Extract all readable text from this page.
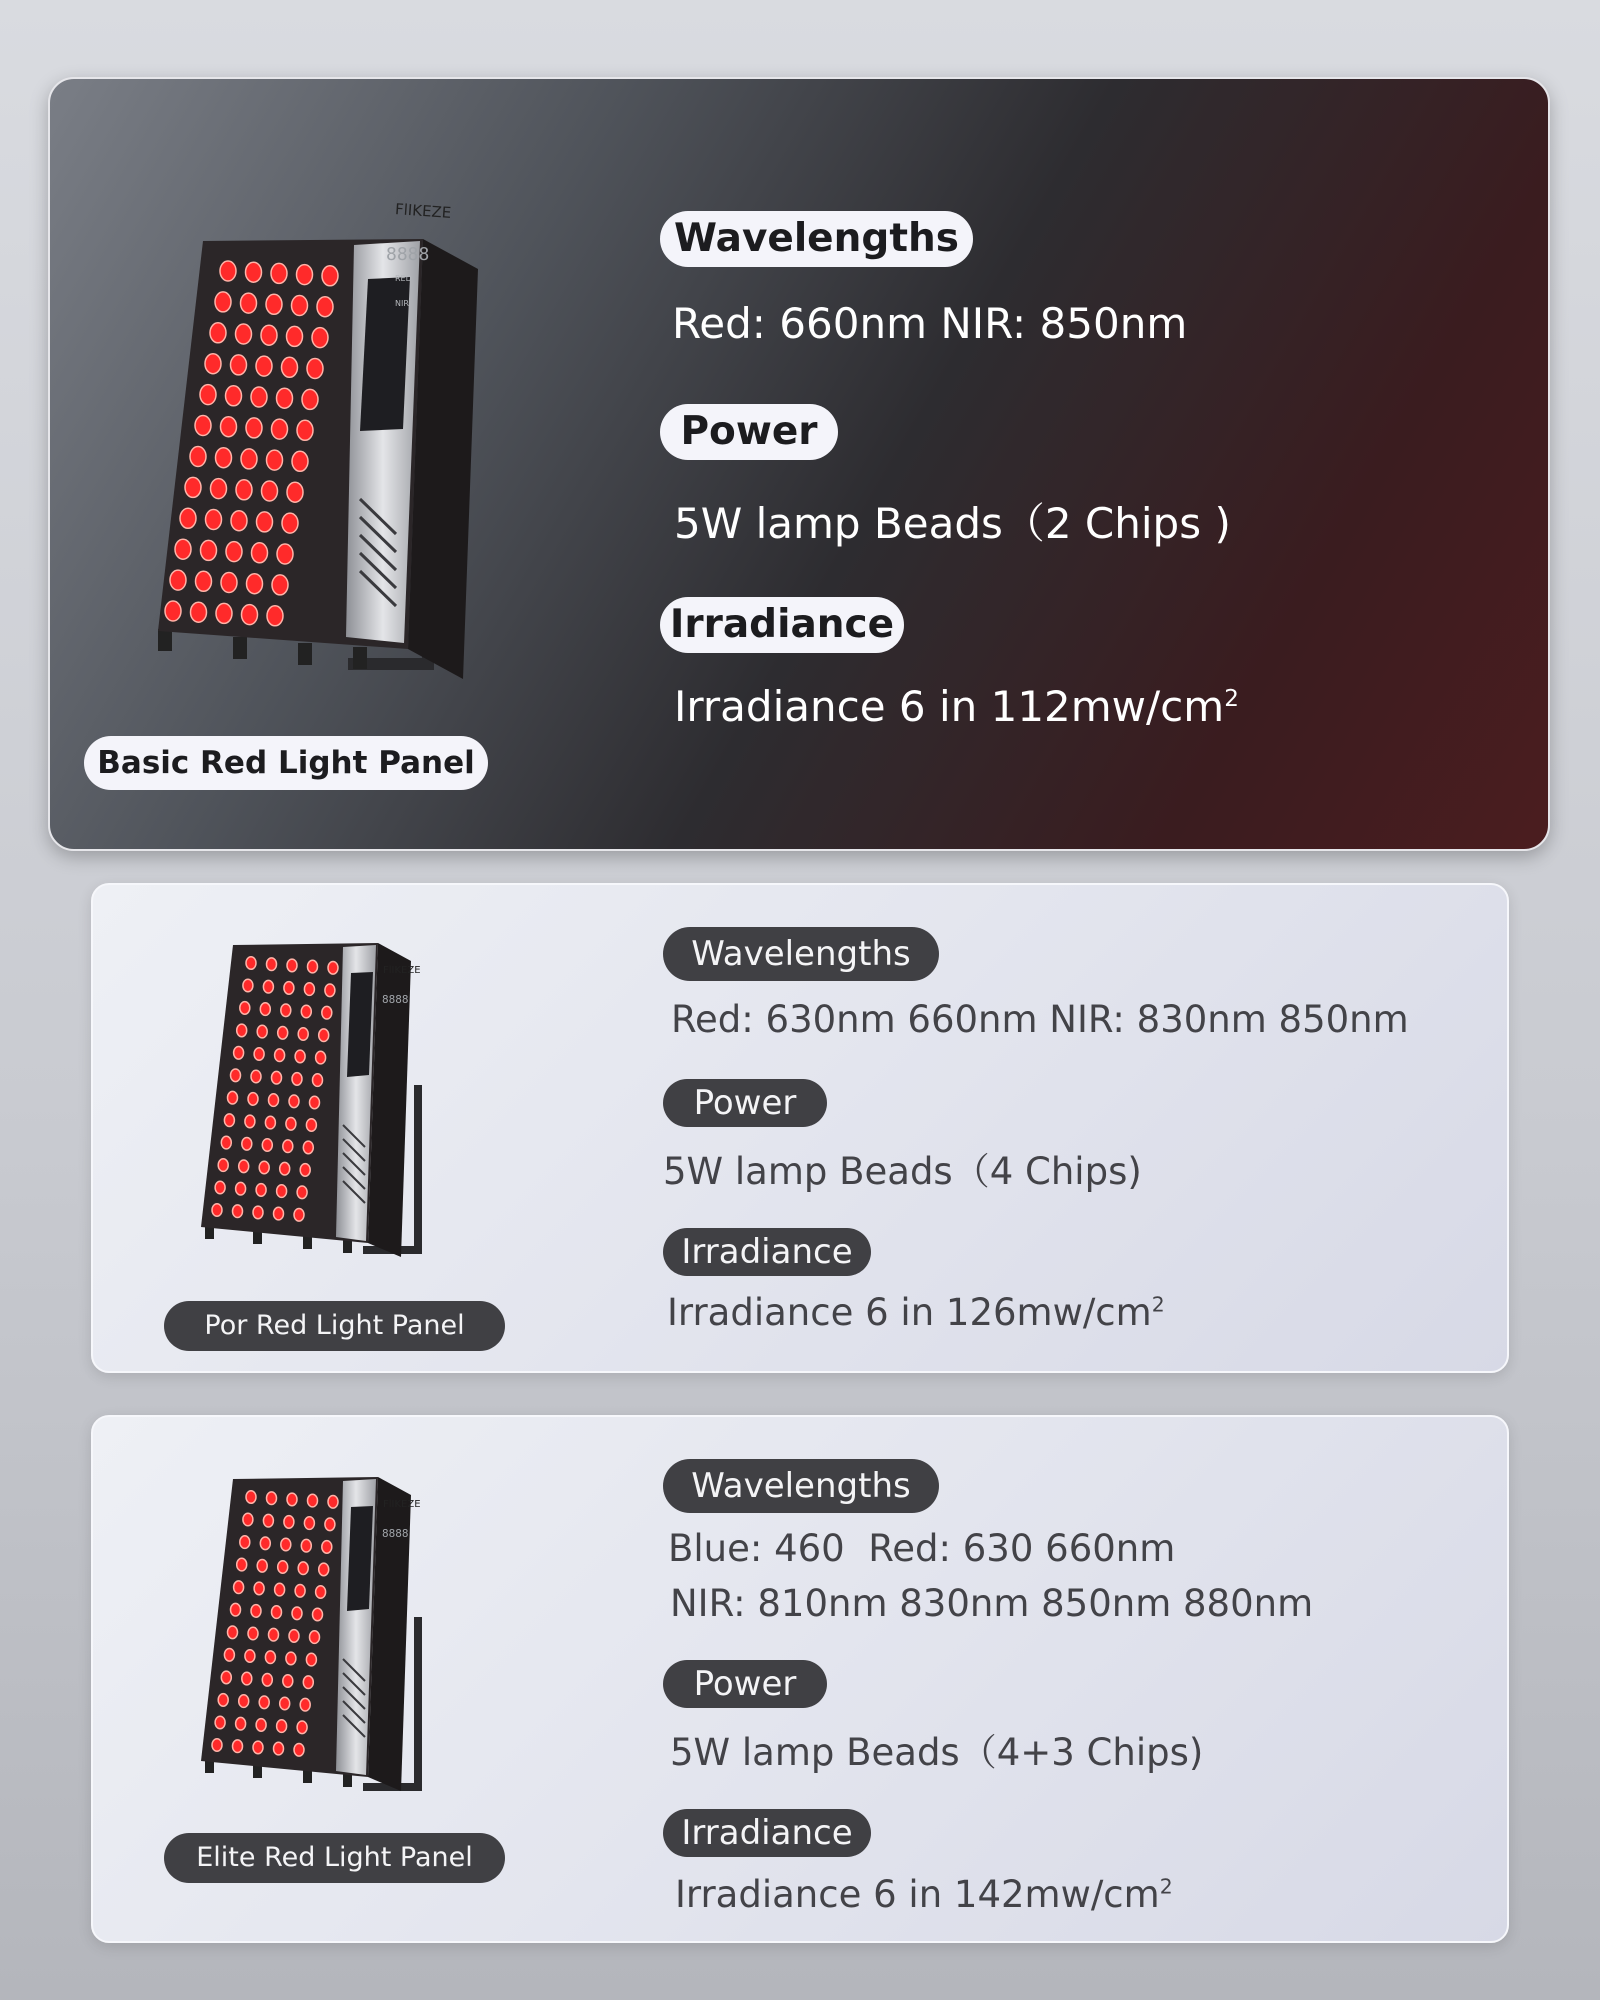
FlIKEZE
8888
RED
NIR
Basic Red Light Panel
Wavelengths
Red: 660nm NIR: 850nm
Power
5W lamp Beads（2 Chips )
Irradiance
Irradiance 6 in $112mw/cm^2$
FlIKEZE
8888
Por Red Light Panel
Wavelengths
Red: 630nm 660nm NIR: 830nm 850nm
Power
5W lamp Beads（4 Chips)
Irradiance
Irradiance 6 in $126mw/cm^2$
FlIKEZE
8888
Elite Red Light Panel
Wavelengths
Blue: 460  Red: 630 660nm
NIR: 810nm 830nm 850nm 880nm
Power
5W lamp Beads（4+3 Chips)
Irradiance
Irradiance 6 in $142mw/cm^2$
